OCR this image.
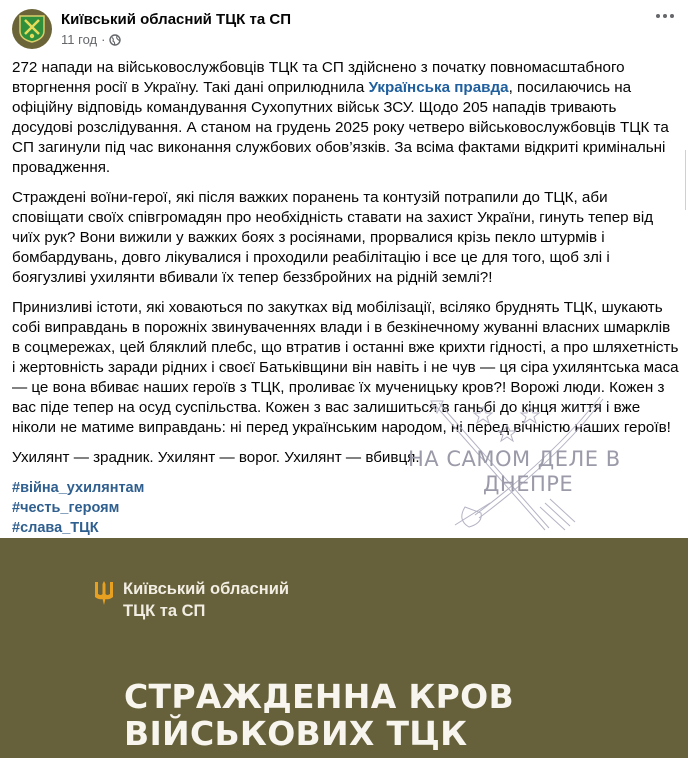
Київський обласний ТЦК та СП
11 год ·

272 напади на військовослужбовців ТЦК та СП здійснено з початку повномасштабного вторгнення росії в Україну. Такі дані оприлюднила Українська правда, посилаючись на офіційну відповідь командування Сухопутних військ ЗСУ. Щодо 205 нападів тривають досудові розслідування. А станом на грудень 2025 року четверо військовослужбовців ТЦК та СП загинули під час виконання службових обов’язків. За всіма фактами відкриті кримінальні провадження.

Страждені воїни-герої, які після важких поранень та контузій потрапили до ТЦК, аби сповіщати своїх співгромадян про необхідність ставати на захист України, гинуть тепер від чиїх рук? Вони вижили у важких боях з росіянами, прорвалися крізь пекло штурмів і бомбардувань, довго лікувалися і проходили реабілітацію і все це для того, щоб злі і боягузливі ухилянти вбивали їх тепер беззбройних на рідній землі?!

Принизливі істоти, які ховаються по закутках від мобілізації, всіляко бруднять ТЦК, шукають собі виправдань в порожніх звинуваченнях влади і в безкінечному жуванні власних шмарклів в соцмережах, цей бляклий плебс, що втратив і останні вже крихти гідності, а про шляхетність і жертовність заради рідних і своєї Батьківщини він навіть і не чув — ця сіра ухилянтська маса — це вона вбиває наших героїв з ТЦК, проливає їх мученицьку кров?! Ворожі люди. Кожен з вас піде тепер на осуд суспільства. Кожен з вас залишиться в ганьбі до кінця життя і вже ніколи не матиме виправдань: ні перед українським народом, ні перед вічністю наших героїв!

Ухилянт — зрадник. Ухилянт — ворог. Ухилянт — вбивця.

#війна_ухилянтам
#честь_героям
#слава_ТЦК
НА САМОМ ДЕЛЕ В
ДНЕПРЕ
Київський обласний
ТЦК та СП
СТРАЖДЕННА КРОВ
ВІЙСЬКОВИХ ТЦК
